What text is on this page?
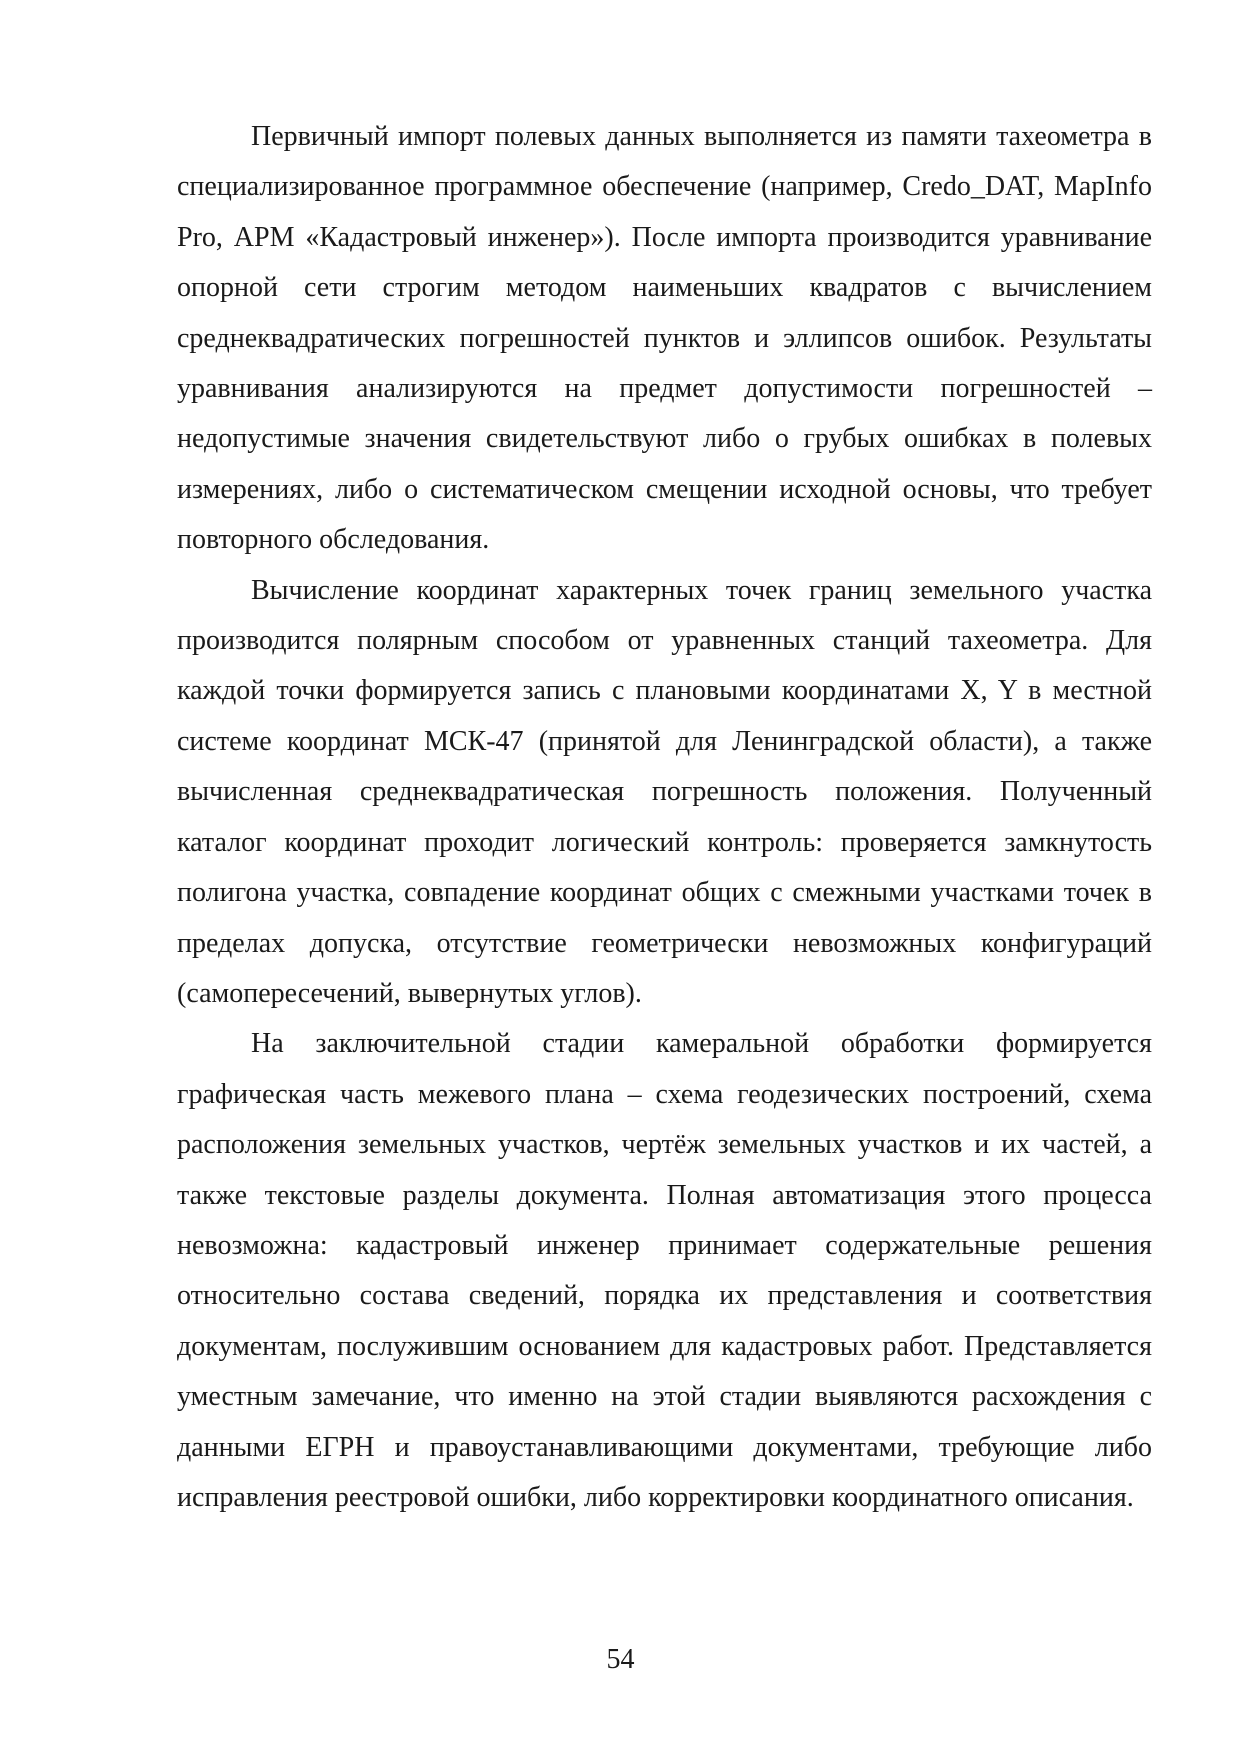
Первичный импорт полевых данных выполняется из памяти тахеометра в специализированное программное обеспечение (например, Credo_DAT, MapInfo Pro, АРМ «Кадастровый инженер»). После импорта производится уравнивание опорной сети строгим методом наименьших квадратов с вычислением среднеквадратических погрешностей пунктов и эллипсов ошибок. Результаты уравнивания анализируются на предмет допустимости погрешностей – недопустимые значения свидетельствуют либо о грубых ошибках в полевых измерениях, либо о систематическом смещении исходной основы, что требует повторного обследования.

Вычисление координат характерных точек границ земельного участка производится полярным способом от уравненных станций тахеометра. Для каждой точки формируется запись с плановыми координатами X, Y в местной системе координат МСК-47 (принятой для Ленинградской области), а также вычисленная среднеквадратическая погрешность положения. Полученный каталог координат проходит логический контроль: проверяется замкнутость полигона участка, совпадение координат общих с смежными участками точек в пределах допуска, отсутствие геометрически невозможных конфигураций (самопересечений, вывернутых углов).

На заключительной стадии камеральной обработки формируется графическая часть межевого плана – схема геодезических построений, схема расположения земельных участков, чертёж земельных участков и их частей, а также текстовые разделы документа. Полная автоматизация этого процесса невозможна: кадастровый инженер принимает содержательные решения относительно состава сведений, порядка их представления и соответствия документам, послужившим основанием для кадастровых работ. Представляется уместным замечание, что именно на этой стадии выявляются расхождения с данными ЕГРН и правоустанавливающими документами, требующие либо исправления реестровой ошибки, либо корректировки координатного описания.

54
